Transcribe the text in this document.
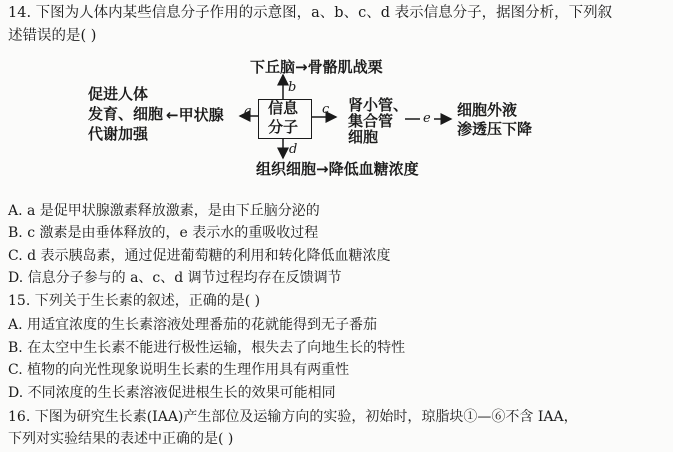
14. 下图为人体内某些信息分子作用的示意图，a、b、c、d 表示信息分子，据图分析，下列叙
述错误的是( )
下丘脑→骨骼肌战栗
b
促进人体
发育、细胞
代谢加强
←甲状腺 a 信息
分子
c 肾小管、
集合管
细胞
e 细胞外液
渗透压下降
d
组织细胞→降低血糖浓度
A. a 是促甲状腺激素释放激素，是由下丘脑分泌的
B. c 激素是由垂体释放的，e 表示水的重吸收过程
C. d 表示胰岛素，通过促进葡萄糖的利用和转化降低血糖浓度
D. 信息分子参与的 a、c、d 调节过程均存在反馈调节
15. 下列关于生长素的叙述，正确的是( )
A. 用适宜浓度的生长素溶液处理番茄的花就能得到无子番茄
B. 在太空中生长素不能进行极性运输，根失去了向地生长的特性
C. 植物的向光性现象说明生长素的生理作用具有两重性
D. 不同浓度的生长素溶液促进根生长的效果可能相同
16. 下图为研究生长素(IAA)产生部位及运输方向的实验，初始时，琼脂块①—⑥不含 IAA，
下列对实验结果的表述中正确的是( )
